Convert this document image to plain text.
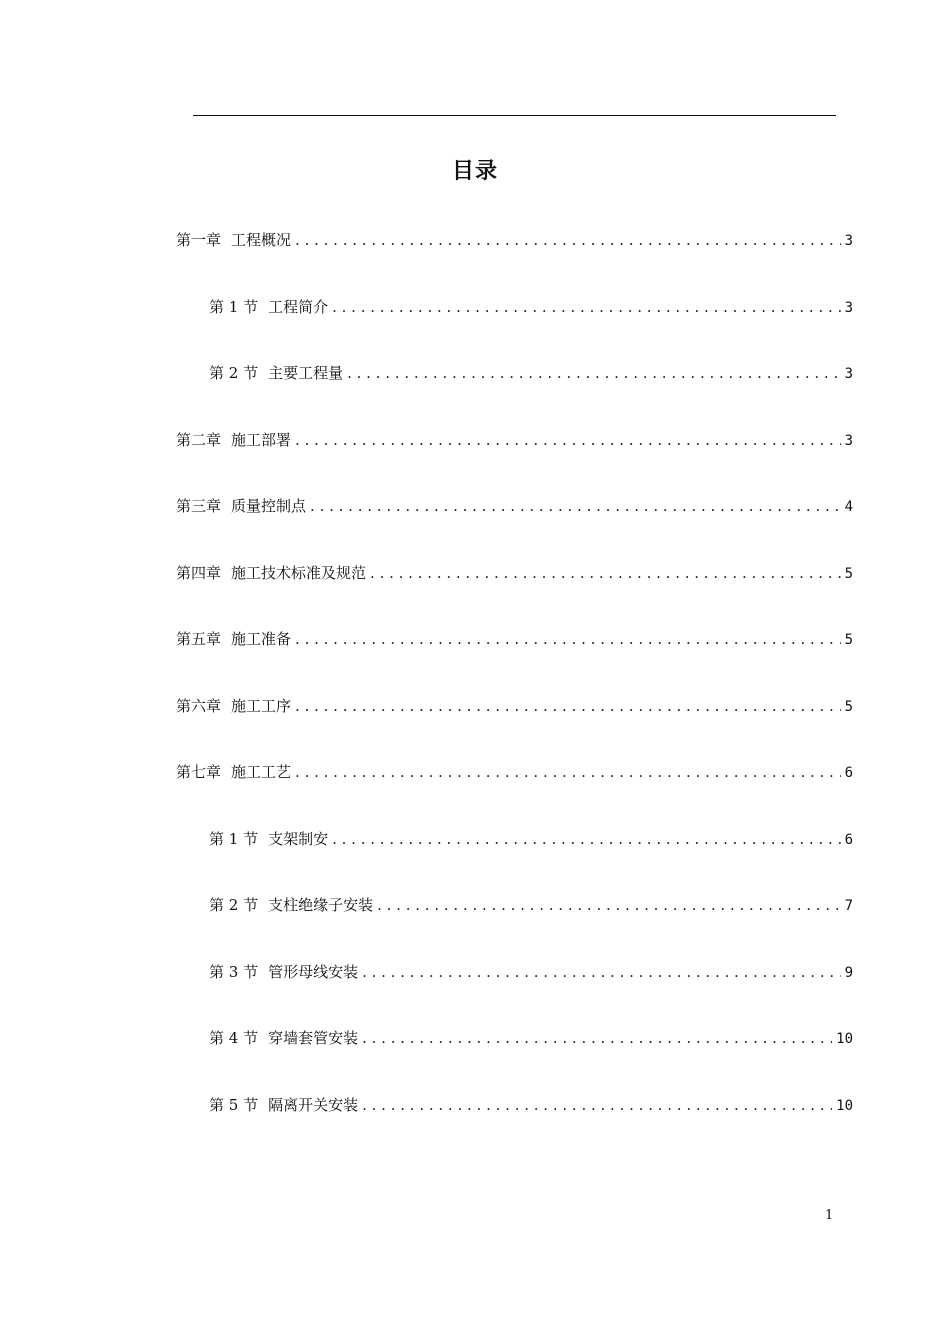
目录
第一章 工程概况 . . .	3
第 1 节 工程简介 . . .	3
第 2 节 主要工程量 . . .	3
第二章 施工部署 . . .	3
第三章 质量控制点 . . .	4
第四章 施工技术标准及规范 . . .	5
第五章 施工准备 . . .	5
第六章 施工工序 . . .	5
第七章 施工工艺 . . .	6
第 1 节 支架制安 . . .	6
第 2 节 支柱绝缘子安装 . . .	7
第 3 节 管形母线安装 . . .	9
第 4 节 穿墙套管安装 . . .	10
第 5 节 隔离开关安装 . . .	10
1
